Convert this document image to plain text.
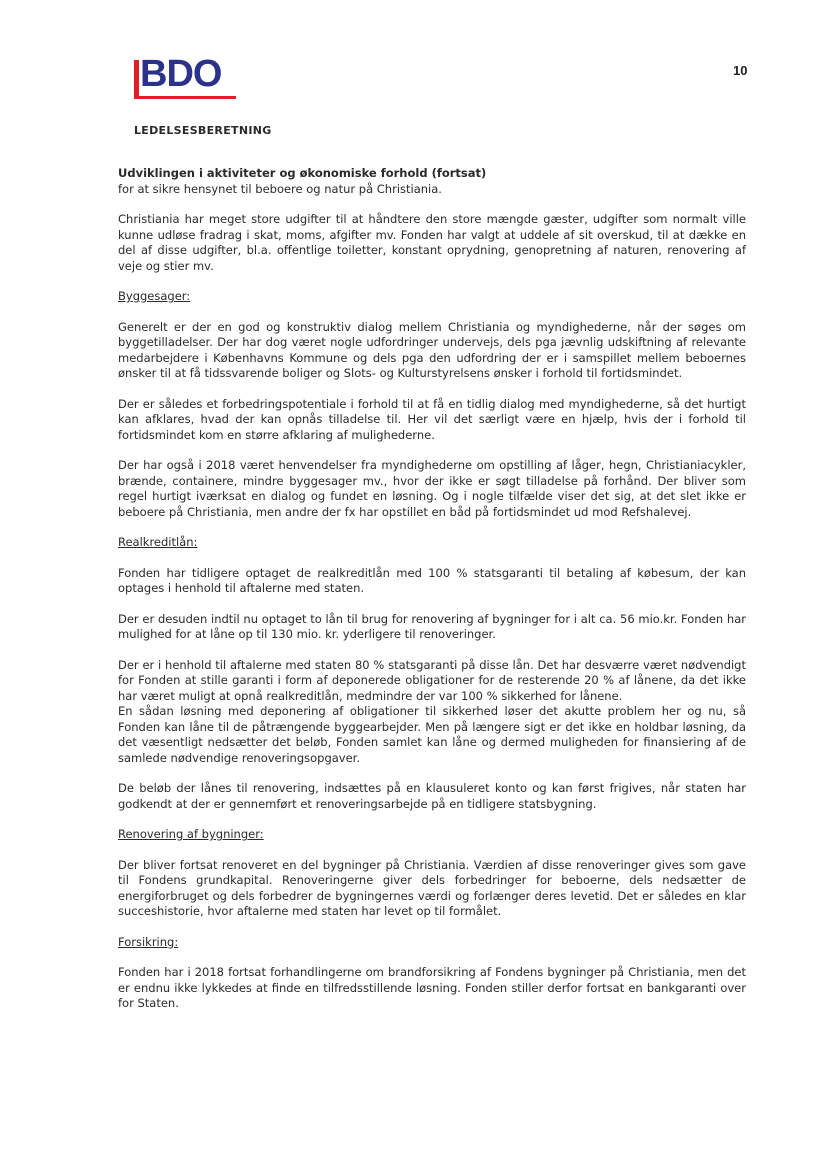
BDO	10
LEDELSESBERETNING

Udviklingen i aktiviteter og økonomiske forhold (fortsat)

for at sikre hensynet til beboere og natur på Christiania.

Christiania har meget store udgifter til at håndtere den store mængde gæster, udgifter som normalt ville kunne udløse fradrag i skat, moms, afgifter mv. Fonden har valgt at uddele af sit overskud, til at dække en del af disse udgifter, bl.a. offentlige toiletter, konstant oprydning, genopretning af naturen, renovering af veje og stier mv.

Byggesager:

Generelt er der en god og konstruktiv dialog mellem Christiania og myndighederne, når der søges om byggetilladelser. Der har dog været nogle udfordringer undervejs, dels pga jævnlig udskiftning af relevante medarbejdere i Københavns Kommune og dels pga den udfordring der er i samspillet mellem beboernes ønsker til at få tidssvarende boliger og Slots- og Kulturstyrelsens ønsker i forhold til fortidsmindet.

Der er således et forbedringspotentiale i forhold til at få en tidlig dialog med myndighederne, så det hurtigt kan afklares, hvad der kan opnås tilladelse til. Her vil det særligt være en hjælp, hvis der i forhold til fortidsmindet kom en større afklaring af mulighederne.

Der har også i 2018 været henvendelser fra myndighederne om opstilling af låger, hegn, Christianiacykler, brænde, containere, mindre byggesager mv., hvor der ikke er søgt tilladelse på forhånd. Der bliver som regel hurtigt iværksat en dialog og fundet en løsning. Og i nogle tilfælde viser det sig, at det slet ikke er beboere på Christiania, men andre der fx har opstillet en båd på fortidsmindet ud mod Refshalevej.

Realkreditlån:

Fonden har tidligere optaget de realkreditlån med 100 % statsgaranti til betaling af købesum, der kan optages i henhold til aftalerne med staten.

Der er desuden indtil nu optaget to lån til brug for renovering af bygninger for i alt ca. 56 mio.kr. Fonden har mulighed for at låne op til 130 mio. kr. yderligere til renoveringer.

Der er i henhold til aftalerne med staten 80 % statsgaranti på disse lån. Det har desværre været nødvendigt for Fonden at stille garanti i form af deponerede obligationer for de resterende 20 % af lånene, da det ikke har været muligt at opnå realkreditlån, medmindre der var 100 % sikkerhed for lånene.

En sådan løsning med deponering af obligationer til sikkerhed løser det akutte problem her og nu, så Fonden kan låne til de påtrængende byggearbejder. Men på længere sigt er det ikke en holdbar løsning, da det væsentligt nedsætter det beløb, Fonden samlet kan låne og dermed muligheden for finansiering af de samlede nødvendige renoveringsopgaver.

De beløb der lånes til renovering, indsættes på en klausuleret konto og kan først frigives, når staten har godkendt at der er gennemført et renoveringsarbejde på en tidligere statsbygning.

Renovering af bygninger:

Der bliver fortsat renoveret en del bygninger på Christiania. Værdien af disse renoveringer gives som gave til Fondens grundkapital. Renoveringerne giver dels forbedringer for beboerne, dels nedsætter de energiforbruget og dels forbedrer de bygningernes værdi og forlænger deres levetid. Det er således en klar succeshistorie, hvor aftalerne med staten har levet op til formålet.

Forsikring:

Fonden har i 2018 fortsat forhandlingerne om brandforsikring af Fondens bygninger på Christiania, men det er endnu ikke lykkedes at finde en tilfredsstillende løsning. Fonden stiller derfor fortsat en bankgaranti over for Staten.
